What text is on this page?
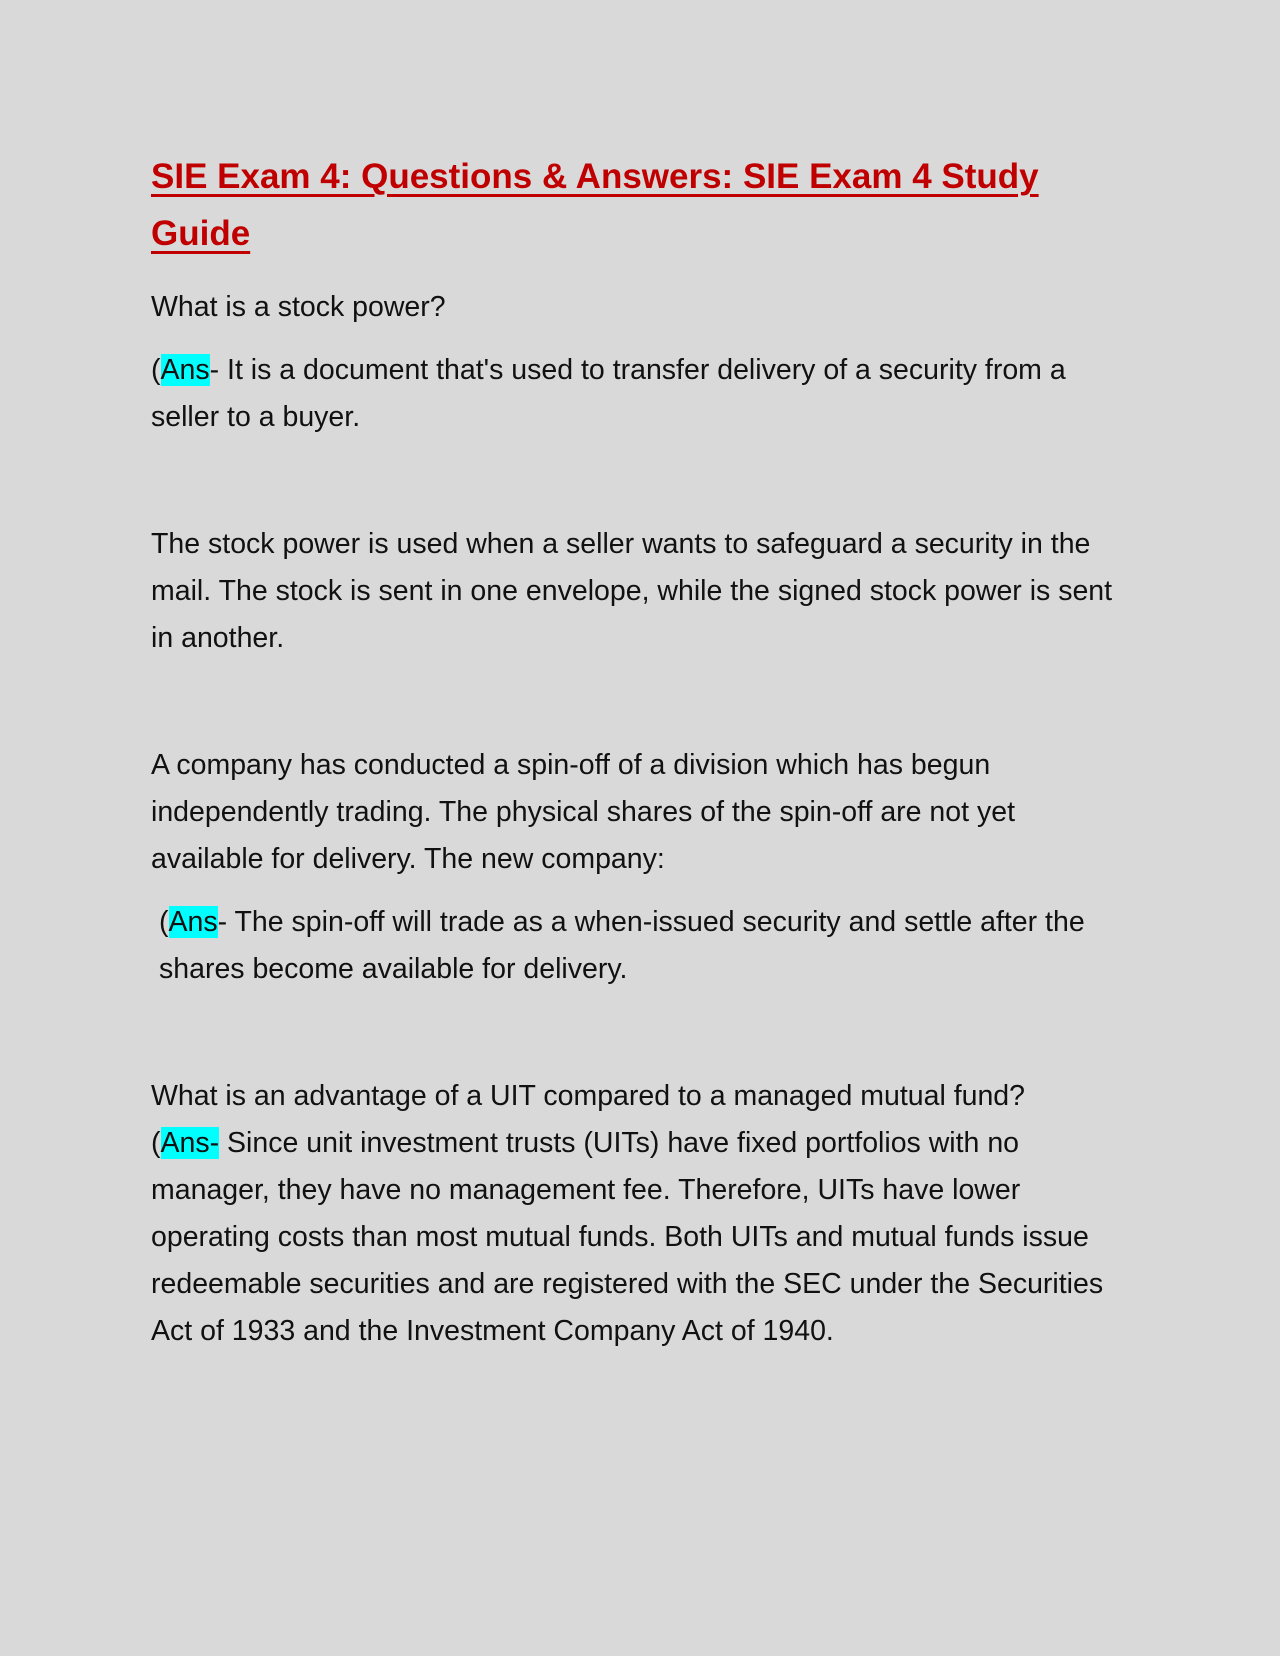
SIE Exam 4: Questions & Answers: SIE Exam 4 Study Guide

What is a stock power?

(Ans- It is a document that's used to transfer delivery of a security from a seller to a buyer.

The stock power is used when a seller wants to safeguard a security in the mail. The stock is sent in one envelope, while the signed stock power is sent in another.

A company has conducted a spin-off of a division which has begun independently trading. The physical shares of the spin-off are not yet available for delivery. The new company:

(Ans- The spin-off will trade as a when-issued security and settle after the shares become available for delivery.

What is an advantage of a UIT compared to a managed mutual fund?

(Ans- Since unit investment trusts (UITs) have fixed portfolios with no manager, they have no management fee. Therefore, UITs have lower operating costs than most mutual funds. Both UITs and mutual funds issue redeemable securities and are registered with the SEC under the Securities Act of 1933 and the Investment Company Act of 1940.
